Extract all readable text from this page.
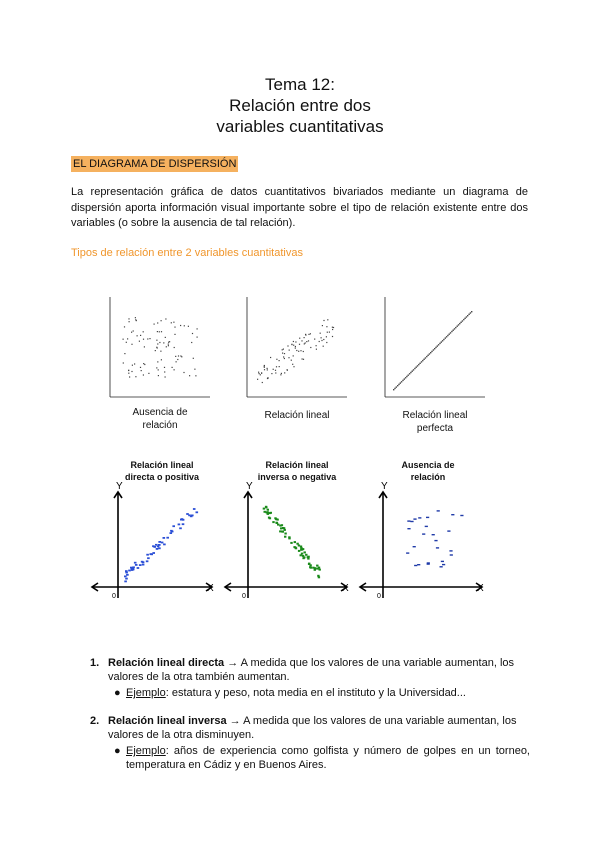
Tema 12:
Relación entre dos
variables cuantitativas
EL DIAGRAMA DE DISPERSIÓN
La representación gráfica de datos cuantitativos bivariados mediante un diagrama de dispersión aporta información visual importante sobre el tipo de relación existente entre dos variables (o sobre la ausencia de tal relación).
Tipos de relación entre 2 variables cuantitativas
Ausencia de
relación
Relación lineal	Relación lineal
perfecta
Relación lineal
directa o positiva
Relación lineal
inversa o negativa
Ausencia de
relación
Y
X
0
Y
X
0
Y
X
0
1. Relación lineal directa → A medida que los valores de una variable aumentan, los valores de la otra también aumentan.
● Ejemplo: estatura y peso, nota media en el instituto y la Universidad...
2. Relación lineal inversa → A medida que los valores de una variable aumentan, los valores de la otra disminuyen.
● Ejemplo: años de experiencia como golfista y número de golpes en un torneo, temperatura en Cádiz y en Buenos Aires.
